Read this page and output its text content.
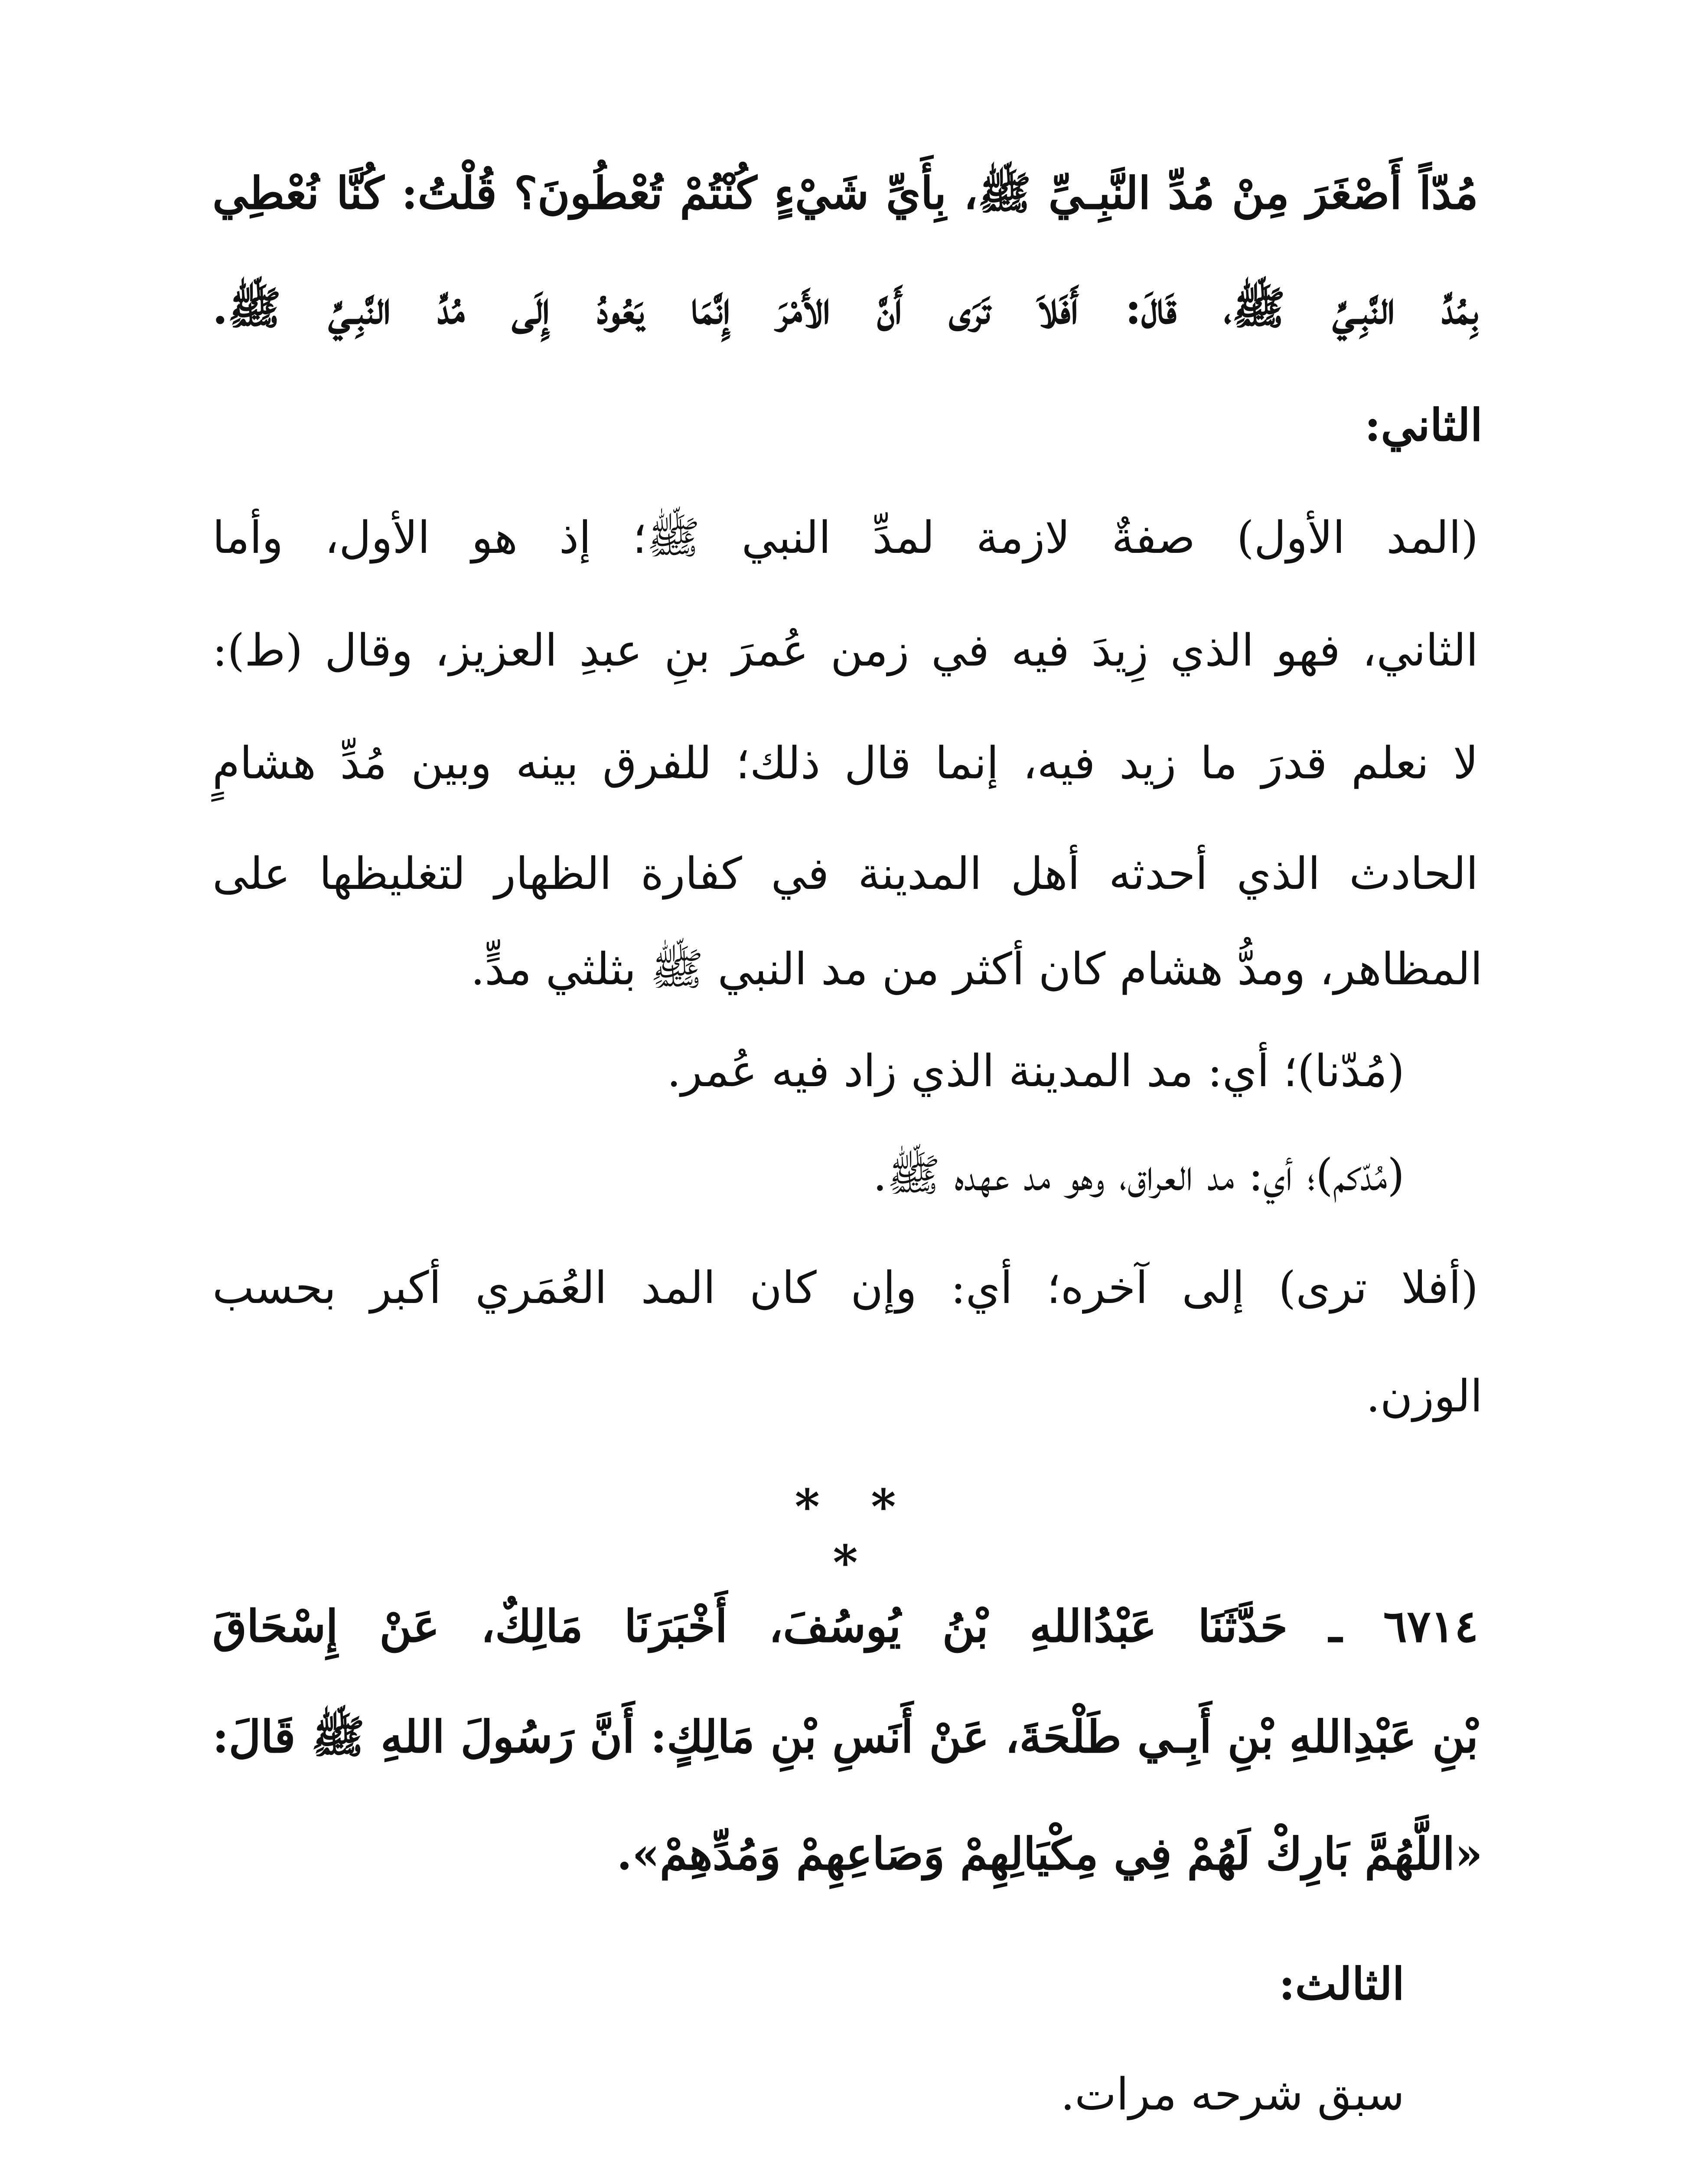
مُدّاً أَصْغَرَ مِنْ مُدِّ النَّبِـيِّ ﷺ، بِأَيِّ شَيْءٍ كُنْتُمْ تُعْطُونَ؟ قُلْتُ: كُنَّا نُعْطِي
بِمُدِّ النَّبِـيِّ ﷺ، قَالَ: أَفَلاَ تَرَى أَنَّ الأَمْرَ إِنَّمَا يَعُودُ إِلَى مُدِّ النَّبِـيِّ ﷺ.
الثاني:
(المد الأول) صفةٌ لازمة لمدِّ النبي ﷺ؛ إذ هو الأول، وأما
الثاني، فهو الذي زِيدَ فيه في زمن عُمرَ بنِ عبدِ العزيز، وقال (ط):
لا نعلم قدرَ ما زيد فيه، إنما قال ذلك؛ للفرق بينه وبين مُدِّ هشامٍ
الحادث الذي أحدثه أهل المدينة في كفارة الظهار لتغليظها على
المظاهر، ومدُّ هشام كان أكثر من مد النبي ﷺ بثلثي مدٍّ.
(مُدّنا)؛ أي: مد المدينة الذي زاد فيه عُمر.
(مُدّكم)؛ أي: مد العراق، وهو مد عهده ﷺ.
(أفلا ترى) إلى آخره؛ أي: وإن كان المد العُمَري أكبر بحسب
الوزن.
* * *
٦٧١٤ ـ حَدَّثَنَا عَبْدُاللهِ بْنُ يُوسُفَ، أَخْبَرَنَا مَالِكٌ، عَنْ إِسْحَاقَ
بْنِ عَبْدِاللهِ بْنِ أَبِـي طَلْحَةَ، عَنْ أَنَسِ بْنِ مَالِكٍ: أَنَّ رَسُولَ اللهِ ﷺ قَالَ:
«اللَّهُمَّ بَارِكْ لَهُمْ فِي مِكْيَالِهِمْ وَصَاعِهِمْ وَمُدِّهِمْ».
الثالث:
سبق شرحه مرات.
